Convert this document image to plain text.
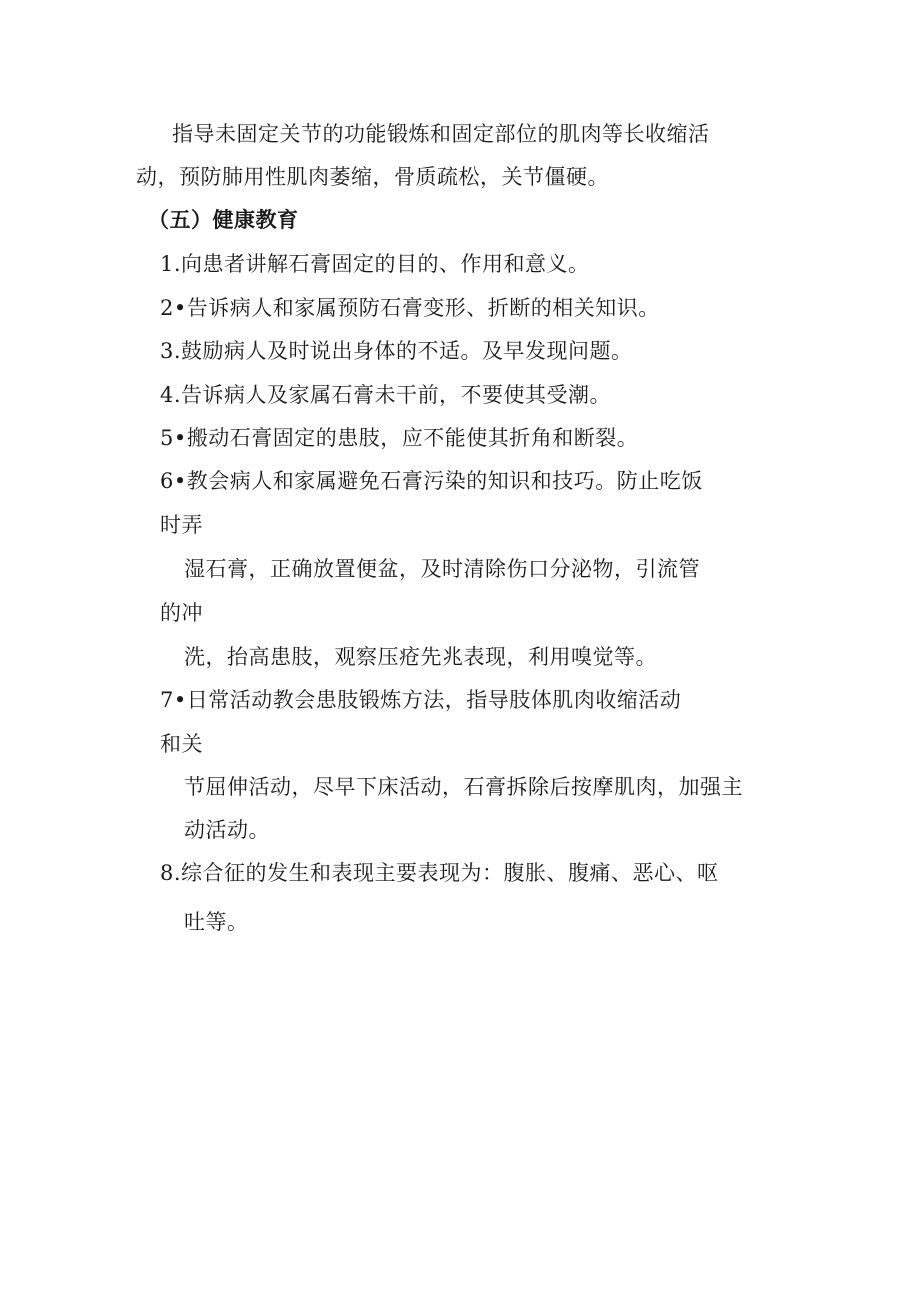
指导未固定关节的功能锻炼和固定部位的肌肉等长收缩活
动，预防肺用性肌肉萎缩，骨质疏松，关节僵硬。
（五）健康教育
1.向患者讲解石膏固定的目的、作用和意义。
2•告诉病人和家属预防石膏变形、折断的相关知识。
3.鼓励病人及时说出身体的不适。及早发现问题。
4.告诉病人及家属石膏未干前，不要使其受潮。
5•搬动石膏固定的患肢，应不能使其折角和断裂。
6•教会病人和家属避免石膏污染的知识和技巧。防止吃饭
时弄
湿石膏，正确放置便盆，及时清除伤口分泌物，引流管
的冲
洗，抬高患肢，观察压疮先兆表现，利用嗅觉等。
7•日常活动教会患肢锻炼方法，指导肢体肌肉收缩活动
和关
节屈伸活动，尽早下床活动，石膏拆除后按摩肌肉，加强主
动活动。
8.综合征的发生和表现主要表现为：腹胀、腹痛、恶心、呕
吐等。
